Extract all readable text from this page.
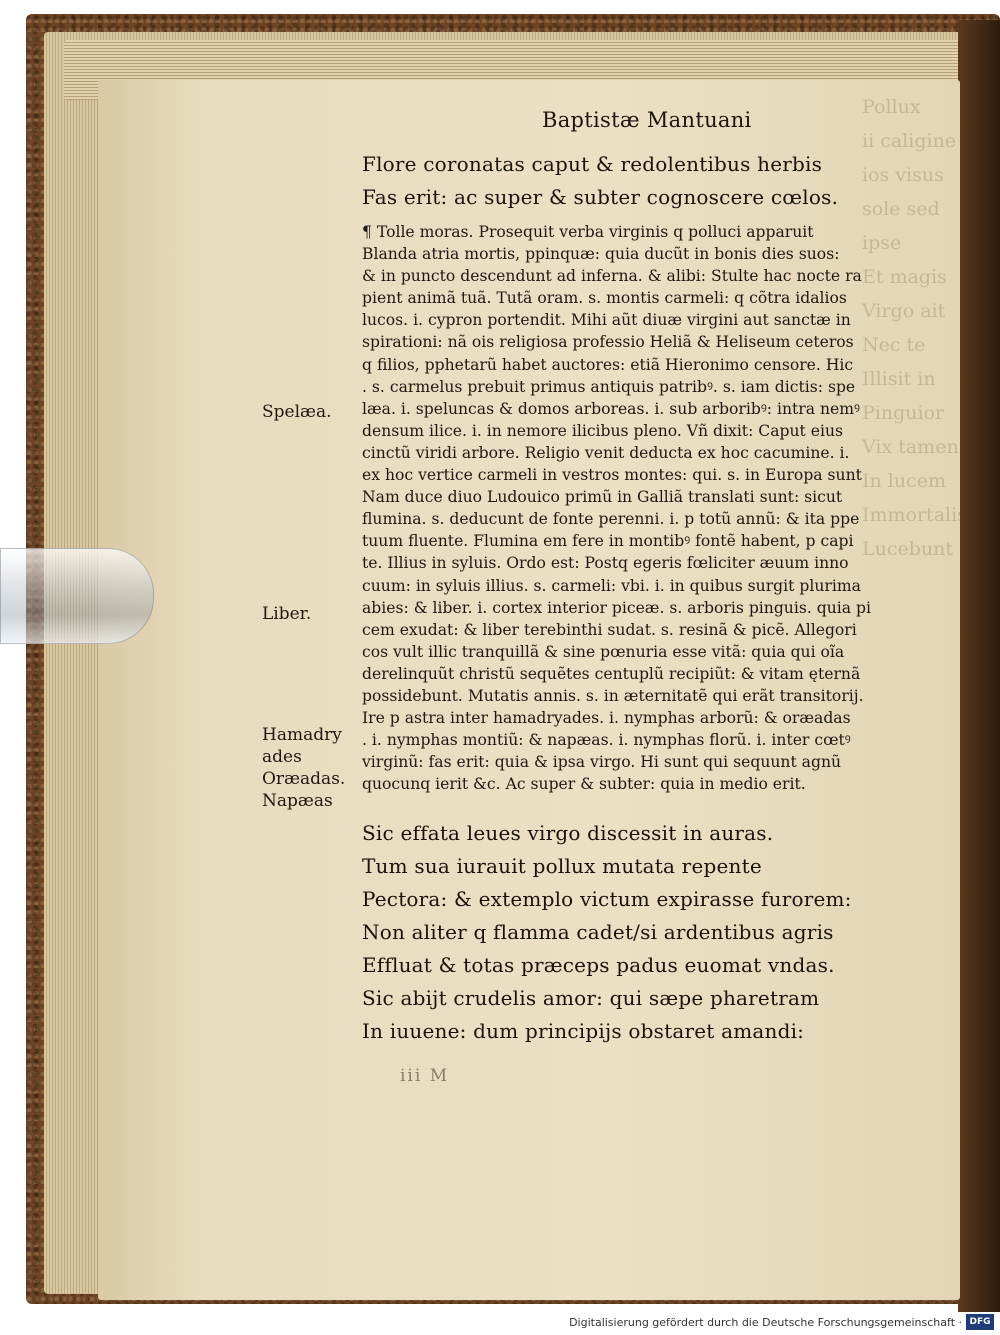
Pollux
ii caligine
ios visus
sole sed
ipse
Et magis
Virgo ait
Nec te
Illisit in
Pinguior
Vix tamen
In lucem
Immortalis
Lucebunt

Baptistæ Mantuani
Flore coronatas caput & redolentibus herbis
Fas erit: ac super & subter cognoscere cœlos.
¶ Tolle moras. Prosequit verba virginis q polluci apparuit
Blanda atria mortis, ppinquæ: quia ducũt in bonis dies suos:
& in puncto descendunt ad inferna. & alibi: Stulte hac nocte ra
pient animã tuã. Tutã oram. s. montis carmeli: q cõtra idalios
lucos. i. cypron portendit. Mihi aũt diuæ virgini aut sanctæ in
spirationi: nã ois religiosa professio Heliã & Heliseum ceteros
q filios, pphetarũ habet auctores: etiã Hieronimo censore. Hic
. s. carmelus prebuit primus antiquis patribꝰ. s. iam dictis: spe
læa. i. speluncas & domos arboreas. i. sub arboribꝰ: intra nemꝰ
densum ilice. i. in nemore ilicibus pleno. Vñ dixit: Caput eius
cinctũ viridi arbore. Religio venit deducta ex hoc cacumine. i.
ex hoc vertice carmeli in vestros montes: qui. s. in Europa sunt
Nam duce diuo Ludouico primũ in Galliã translati sunt: sicut
flumina. s. deducunt de fonte perenni. i. p totũ annũ: & ita ppe
tuum fluente. Flumina em fere in montibꝰ fontẽ habent, p capi
te. Illius in syluis. Ordo est: Postq egeris fœliciter æuum inno
cuum: in syluis illius. s. carmeli: vbi. i. in quibus surgit plurima
abies: & liber. i. cortex interior piceæ. s. arboris pinguis. quia pi
cem exudat: & liber terebinthi sudat. s. resinã & picẽ. Allegori
cos vult illic tranquillã & sine pœnuria esse vitã: quia qui oĩa
derelinquũt christũ sequẽtes centuplũ recipiũt: & vitam ęternã
possidebunt. Mutatis annis. s. in æternitatẽ qui erãt transitorij.
Ire p astra inter hamadryades. i. nymphas arborũ: & oræadas
. i. nymphas montiũ: & napæas. i. nymphas florũ. i. inter cœtꝰ
virginũ: fas erit: quia & ipsa virgo. Hi sunt qui sequunt agnũ
quocunq ierit &c. Ac super & subter: quia in medio erit.
Spelæa.
Liber.
Hamadry
ades
Oræadas.
Napæas
Sic effata leues virgo discessit in auras.
Tum sua iurauit pollux mutata repente
Pectora: & extemplo victum expirasse furorem:
Non aliter q flamma cadet/si ardentibus agris
Effluat & totas præceps padus euomat vndas.
Sic abijt crudelis amor: qui sæpe pharetram
In iuuene: dum principijs obstaret amandi:
iii M
Digitalisierung gefördert durch die Deutsche Forschungsgemeinschaft · DFG
